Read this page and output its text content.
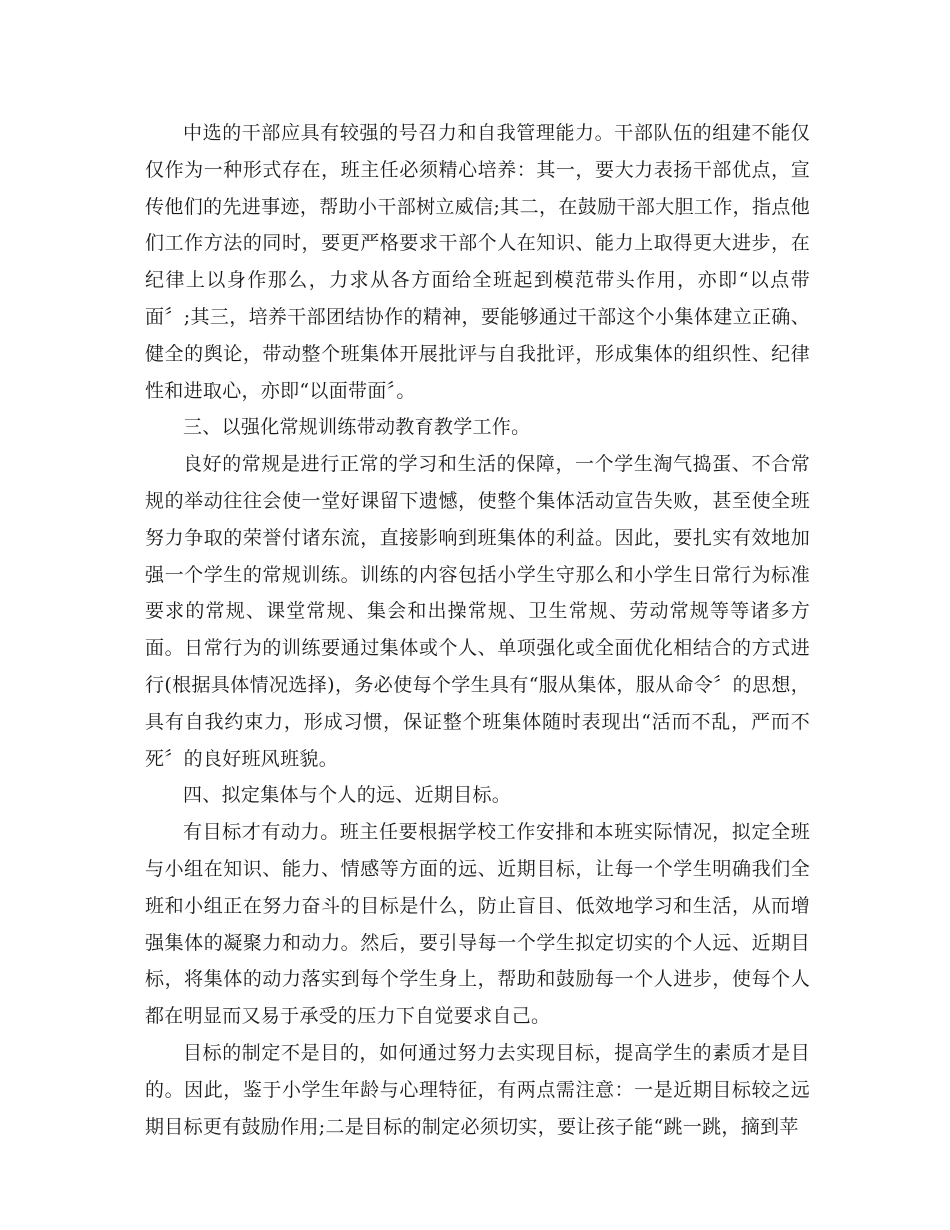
中选的干部应具有较强的号召力和自我管理能力。干部队伍的组建不能仅仅作为一种形式存在，班主任必须精心培养：其一，要大力表扬干部优点，宣传他们的先进事迹，帮助小干部树立威信;其二，在鼓励干部大胆工作，指点他们工作方法的同时，要更严格要求干部个人在知识、能力上取得更大进步，在纪律上以身作那么，力求从各方面给全班起到模范带头作用，亦即“以点带面〞;其三，培养干部团结协作的精神，要能够通过干部这个小集体建立正确、健全的舆论，带动整个班集体开展批评与自我批评，形成集体的组织性、纪律性和进取心，亦即“以面带面〞。

三、以强化常规训练带动教育教学工作。

良好的常规是进行正常的学习和生活的保障，一个学生淘气捣蛋、不合常规的举动往往会使一堂好课留下遗憾，使整个集体活动宣告失败，甚至使全班努力争取的荣誉付诸东流，直接影响到班集体的利益。因此，要扎实有效地加强一个学生的常规训练。训练的内容包括小学生守那么和小学生日常行为标准要求的常规、课堂常规、集会和出操常规、卫生常规、劳动常规等等诸多方面。日常行为的训练要通过集体或个人、单项强化或全面优化相结合的方式进行(根据具体情况选择)，务必使每个学生具有“服从集体，服从命令〞的思想，具有自我约束力，形成习惯，保证整个班集体随时表现出“活而不乱，严而不死〞的良好班风班貌。

四、拟定集体与个人的远、近期目标。

有目标才有动力。班主任要根据学校工作安排和本班实际情况，拟定全班与小组在知识、能力、情感等方面的远、近期目标，让每一个学生明确我们全班和小组正在努力奋斗的目标是什么，防止盲目、低效地学习和生活，从而增强集体的凝聚力和动力。然后，要引导每一个学生拟定切实的个人远、近期目标，将集体的动力落实到每个学生身上，帮助和鼓励每一个人进步，使每个人都在明显而又易于承受的压力下自觉要求自己。

目标的制定不是目的，如何通过努力去实现目标，提高学生的素质才是目的。因此，鉴于小学生年龄与心理特征，有两点需注意：一是近期目标较之远期目标更有鼓励作用;二是目标的制定必须切实，要让孩子能“跳一跳，摘到苹
